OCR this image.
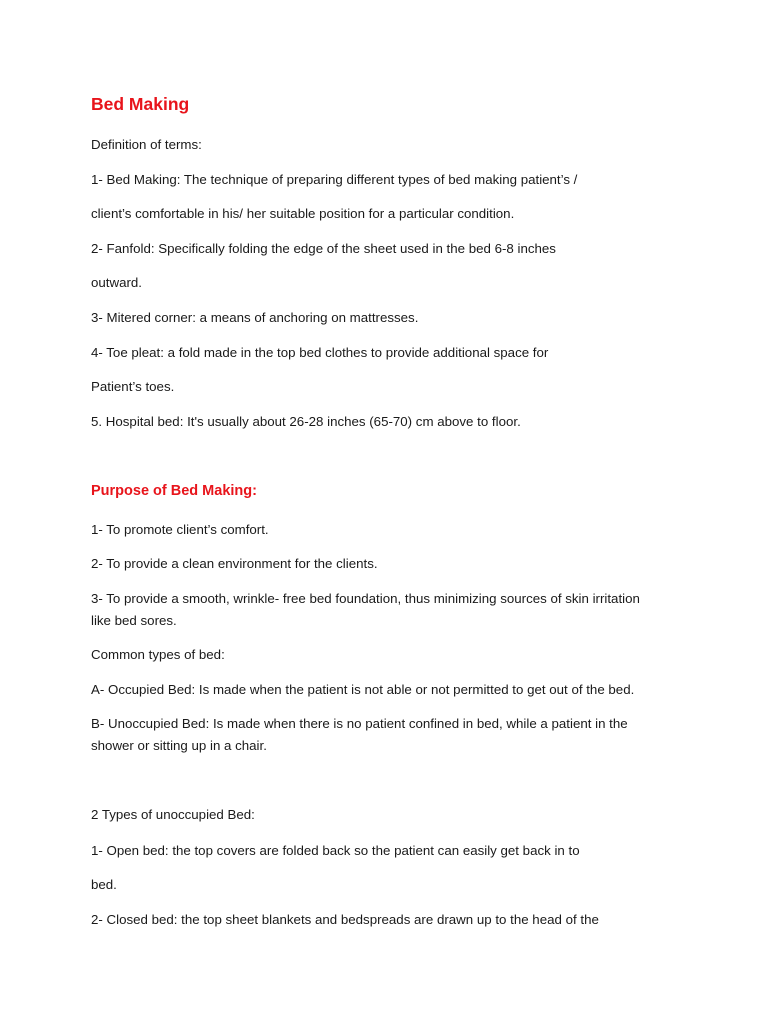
Bed Making
Definition of terms:
1- Bed Making: The technique of preparing different types of bed making patient’s /
client’s comfortable in his/ her suitable position for a particular condition.
2- Fanfold: Specifically folding the edge of the sheet used in the bed 6-8 inches
outward.
3- Mitered corner: a means of anchoring on mattresses.
4- Toe pleat: a fold made in the top bed clothes to provide additional space for
Patient’s toes.
5. Hospital bed: It's usually about 26-28 inches (65-70) cm above to floor.
Purpose of Bed Making:
1- To promote client’s comfort.
2- To provide a clean environment for the clients.
3- To provide a smooth, wrinkle- free bed foundation, thus minimizing sources of skin irritation
like bed sores.
Common types of bed:
A- Occupied Bed: Is made when the patient is not able or not permitted to get out of the bed.
B- Unoccupied Bed: Is made when there is no patient confined in bed, while a patient in the
shower or sitting up in a chair.
2 Types of unoccupied Bed:
1- Open bed: the top covers are folded back so the patient can easily get back in to
bed.
2- Closed bed: the top sheet blankets and bedspreads are drawn up to the head of the
